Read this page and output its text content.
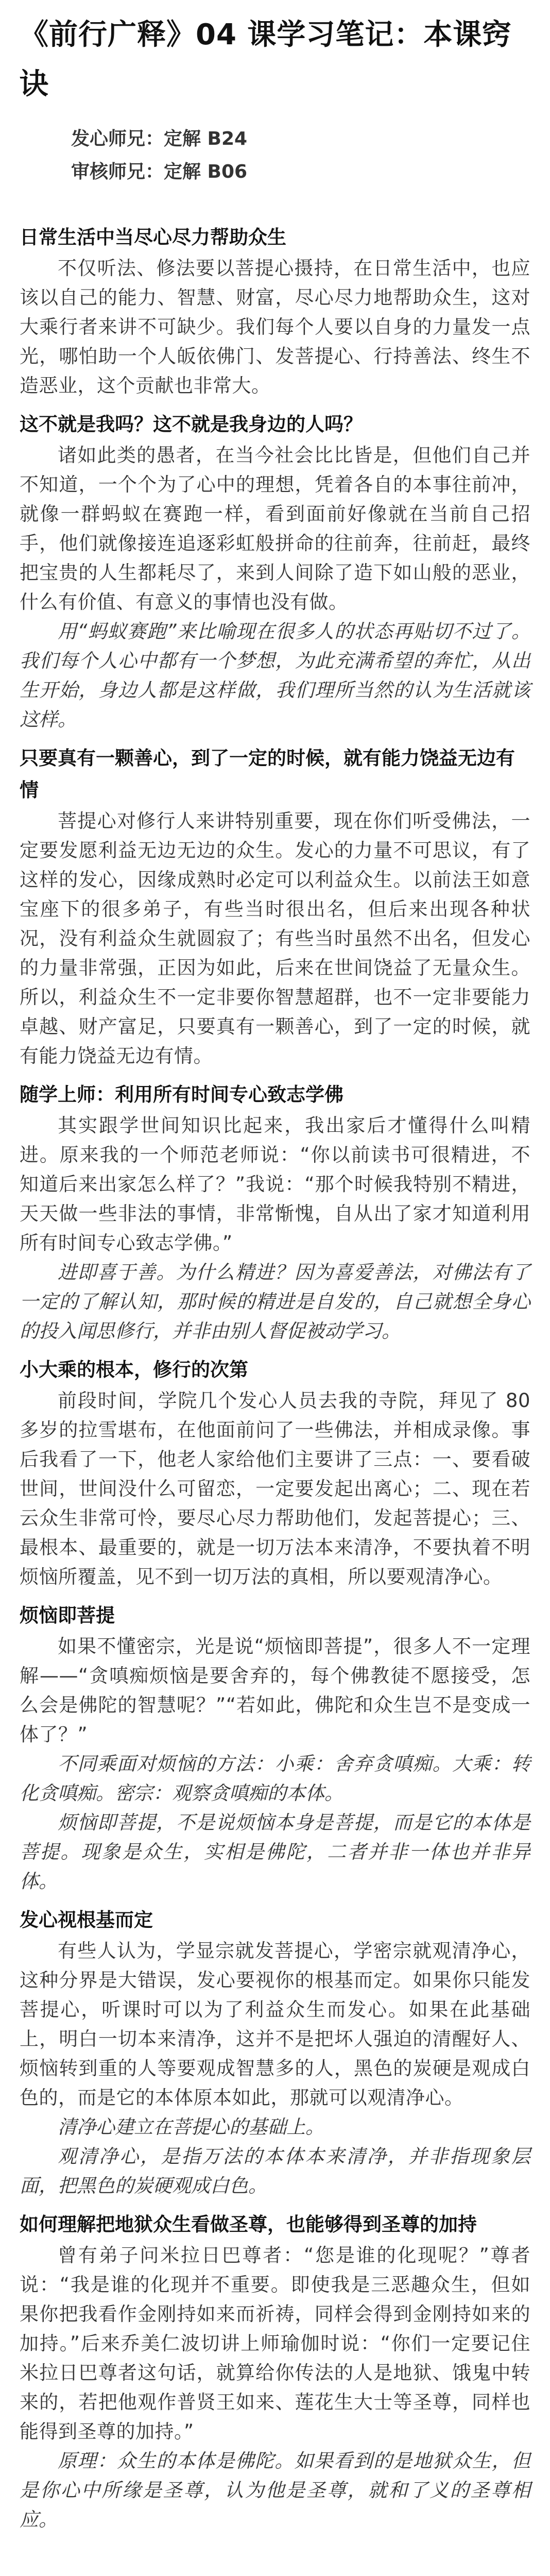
《前行广释》04 课学习笔记：本课窍诀
发心师兄：定解 B24
审核师兄：定解 B06
日常生活中当尽心尽力帮助众生
不仅听法、修法要以菩提心摄持，在日常生活中，也应该以自己的能力、智慧、财富，尽心尽力地帮助众生，这对大乘行者来讲不可缺少。我们每个人要以自身的力量发一点光，哪怕助一个人皈依佛门、发菩提心、行持善法、终生不造恶业，这个贡献也非常大。
这不就是我吗？这不就是我身边的人吗？
诸如此类的愚者，在当今社会比比皆是，但他们自己并不知道，一个个为了心中的理想，凭着各自的本事往前冲，就像一群蚂蚁在赛跑一样，看到面前好像就在当前自己招手，他们就像接连追逐彩虹般拼命的往前奔，往前赶，最终把宝贵的人生都耗尽了，来到人间除了造下如山般的恶业，什么有价值、有意义的事情也没有做。
用“蚂蚁赛跑”来比喻现在很多人的状态再贴切不过了。我们每个人心中都有一个梦想，为此充满希望的奔忙，从出生开始，身边人都是这样做，我们理所当然的认为生活就该这样。
只要真有一颗善心，到了一定的时候，就有能力饶益无边有情
菩提心对修行人来讲特别重要，现在你们听受佛法，一定要发愿利益无边无边的众生。发心的力量不可思议，有了这样的发心，因缘成熟时必定可以利益众生。以前法王如意宝座下的很多弟子，有些当时很出名，但后来出现各种状况，没有利益众生就圆寂了；有些当时虽然不出名，但发心的力量非常强，正因为如此，后来在世间饶益了无量众生。所以，利益众生不一定非要你智慧超群，也不一定非要能力卓越、财产富足，只要真有一颗善心，到了一定的时候，就有能力饶益无边有情。
随学上师：利用所有时间专心致志学佛
其实跟学世间知识比起来，我出家后才懂得什么叫精进。原来我的一个师范老师说：“你以前读书可很精进，不知道后来出家怎么样了？”我说：“那个时候我特别不精进，天天做一些非法的事情，非常惭愧，自从出了家才知道利用所有时间专心致志学佛。”
进即喜于善。为什么精进？因为喜爱善法，对佛法有了一定的了解认知，那时候的精进是自发的，自己就想全身心的投入闻思修行，并非由别人督促被动学习。
小大乘的根本，修行的次第
前段时间，学院几个发心人员去我的寺院，拜见了 80 多岁的拉雪堪布，在他面前问了一些佛法，并相成录像。事后我看了一下，他老人家给他们主要讲了三点：一、要看破世间，世间没什么可留恋，一定要发起出离心；二、现在若云众生非常可怜，要尽心尽力帮助他们，发起菩提心；三、最根本、最重要的，就是一切万法本来清净，不要执着不明烦恼所覆盖，见不到一切万法的真相，所以要观清净心。
烦恼即菩提
如果不懂密宗，光是说“烦恼即菩提”，很多人不一定理解——“贪嗔痴烦恼是要舍弃的，每个佛教徒不愿接受，怎么会是佛陀的智慧呢？”“若如此，佛陀和众生岂不是变成一体了？”
不同乘面对烦恼的方法：小乘：舍弃贪嗔痴。大乘：转化贪嗔痴。密宗：观察贪嗔痴的本体。
烦恼即菩提，不是说烦恼本身是菩提，而是它的本体是菩提。现象是众生，实相是佛陀，二者并非一体也并非异体。
发心视根基而定
有些人认为，学显宗就发菩提心，学密宗就观清净心，这种分界是大错误，发心要视你的根基而定。如果你只能发菩提心，听课时可以为了利益众生而发心。如果在此基础上，明白一切本来清净，这并不是把坏人强迫的清醒好人、烦恼转到重的人等要观成智慧多的人，黑色的炭硬是观成白色的，而是它的本体原本如此，那就可以观清净心。
清净心建立在菩提心的基础上。
观清净心，是指万法的本体本来清净，并非指现象层面，把黑色的炭硬观成白色。
如何理解把地狱众生看做圣尊，也能够得到圣尊的加持
曾有弟子问米拉日巴尊者：“您是谁的化现呢？”尊者说：“我是谁的化现并不重要。即使我是三恶趣众生，但如果你把我看作金刚持如来而祈祷，同样会得到金刚持如来的加持。”后来乔美仁波切讲上师瑜伽时说：“你们一定要记住米拉日巴尊者这句话，就算给你传法的人是地狱、饿鬼中转来的，若把他观作普贤王如来、莲花生大士等圣尊，同样也能得到圣尊的加持。”
原理：众生的本体是佛陀。如果看到的是地狱众生，但是你心中所缘是圣尊，认为他是圣尊，就和了义的圣尊相应。
